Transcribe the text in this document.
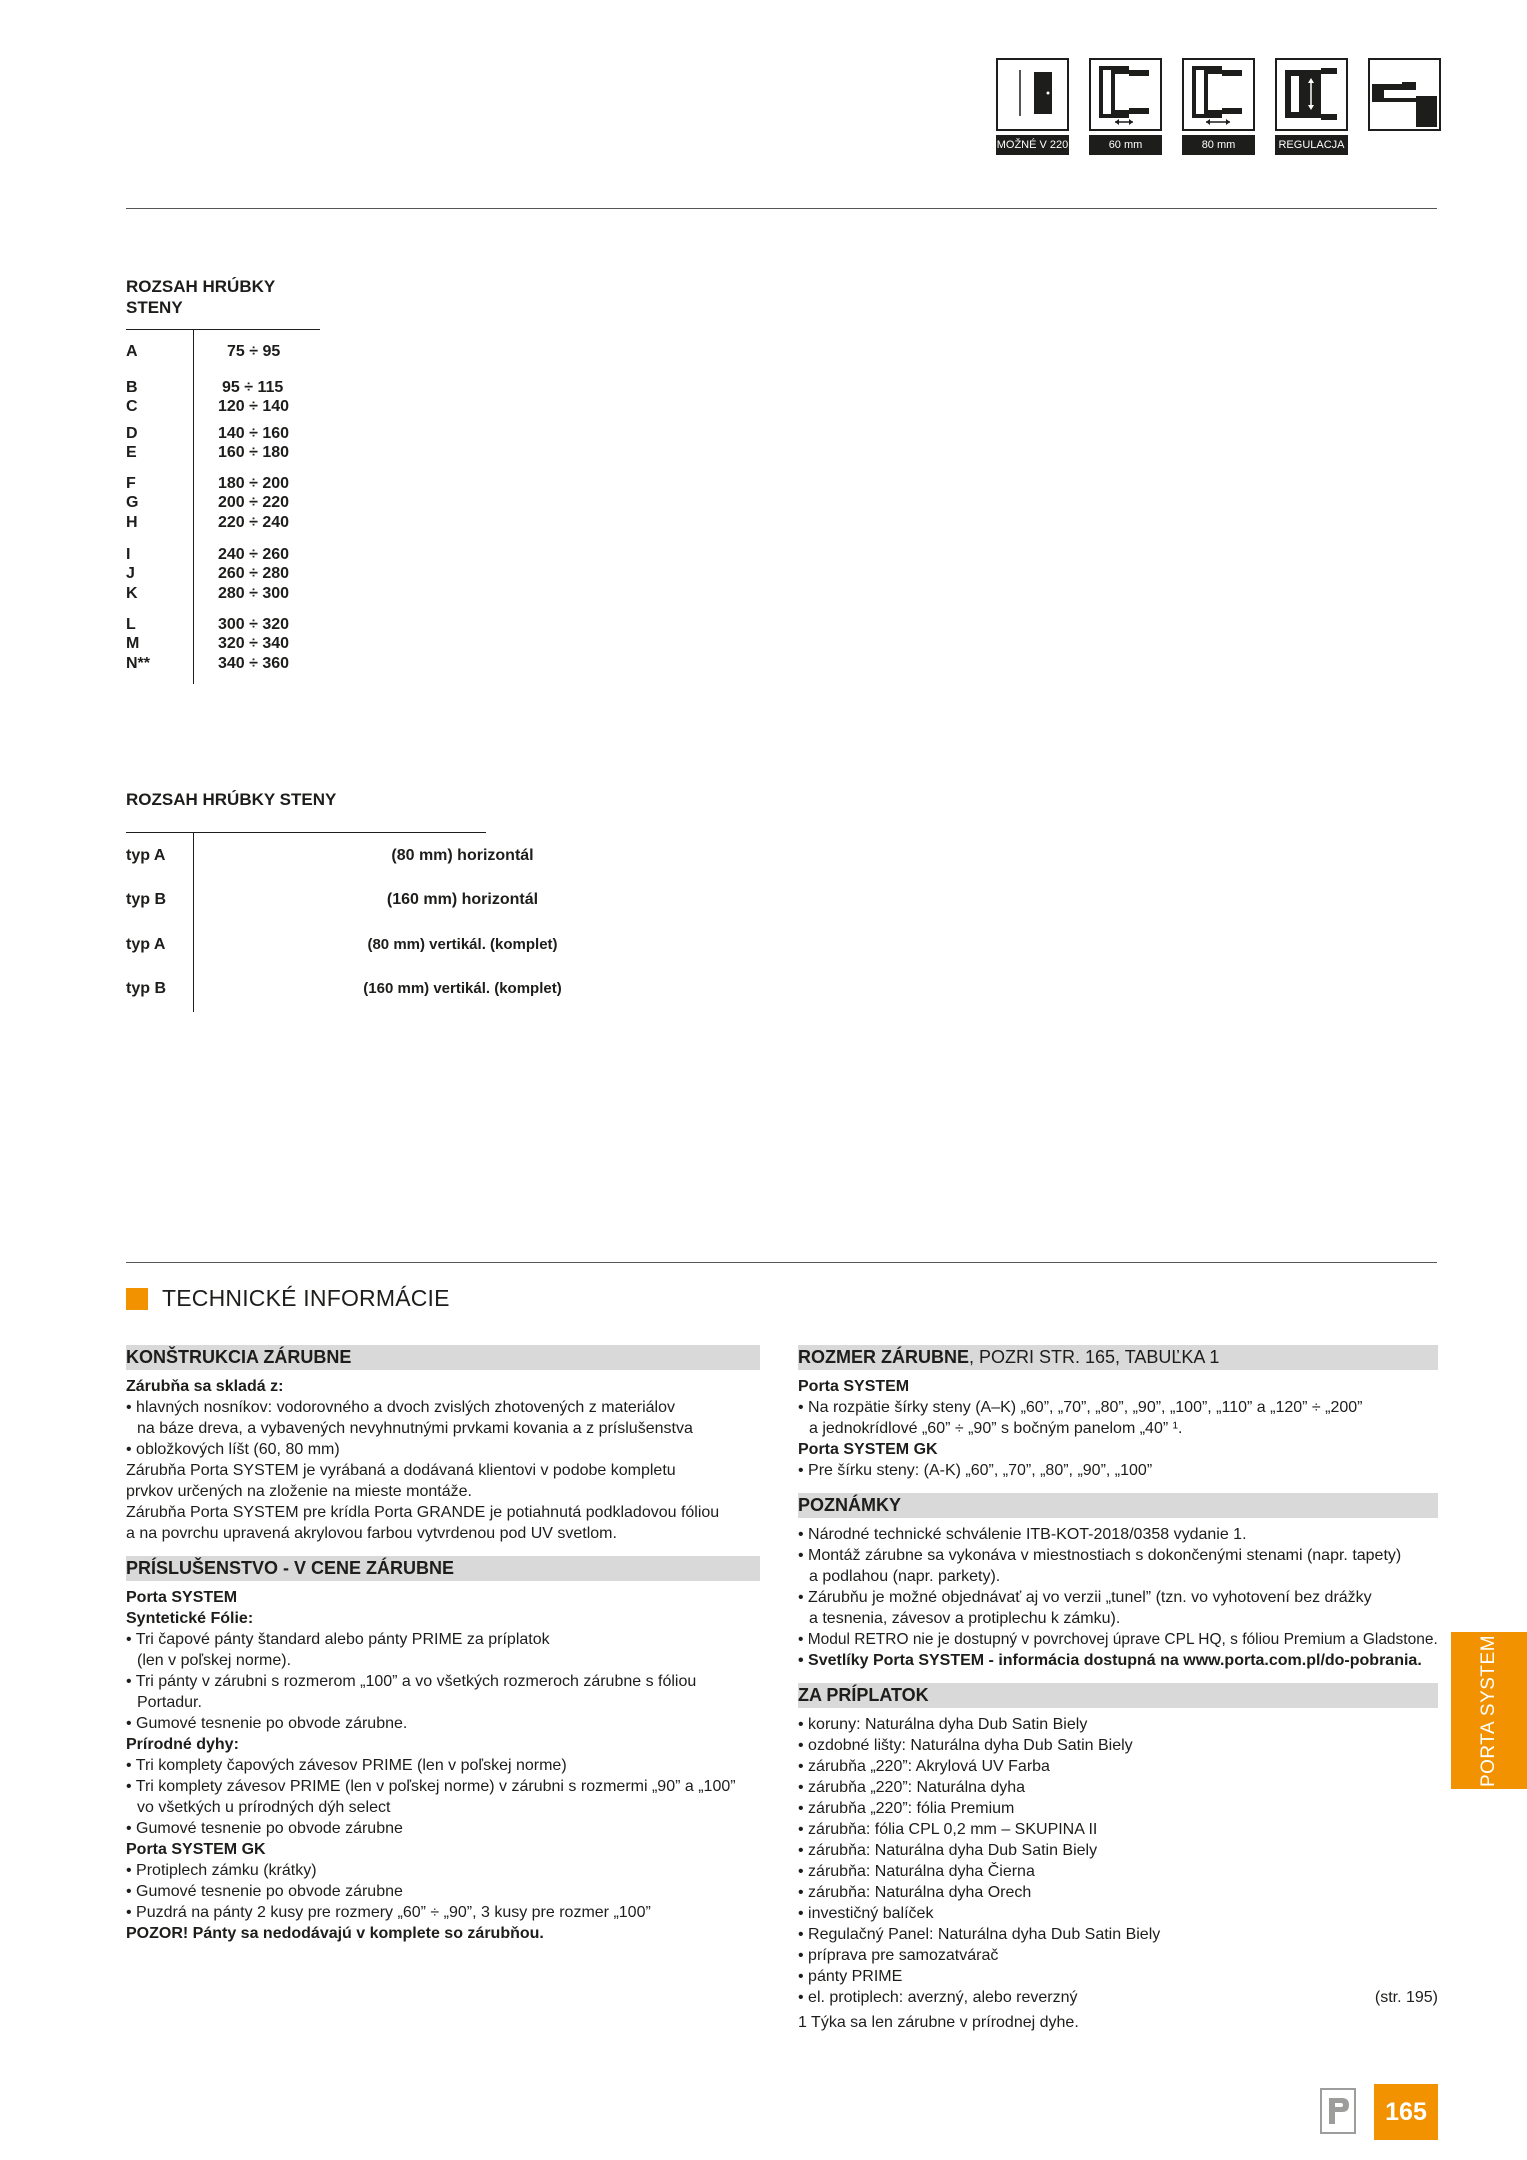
MOŽNÉ V 220	60 mm	80 mm	REGULACJA
ROZSAH HRÚBKY STENY
A	75 ÷ 95
B	95 ÷ 115
C	120 ÷ 140
D	140 ÷ 160
E	160 ÷ 180
F	180 ÷ 200
G	200 ÷ 220
H	220 ÷ 240
I	240 ÷ 260
J	260 ÷ 280
K	280 ÷ 300
L	300 ÷ 320
M	320 ÷ 340
N**	340 ÷ 360
ROZSAH HRÚBKY STENY
typ A	(80 mm) horizontál
typ B	(160 mm) horizontál
typ A	(80 mm) vertikál. (komplet)
typ B	(160 mm) vertikál. (komplet)
TECHNICKÉ INFORMÁCIE
KONŠTRUKCIA ZÁRUBNE
Zárubňa sa skladá z:
• hlavných nosníkov: vodorovného a dvoch zvislých zhotovených z materiálov
na báze dreva, a vybavených nevyhnutnými prvkami kovania a z príslušenstva
• obložkových líšt (60, 80 mm)
Zárubňa Porta SYSTEM je vyrábaná a dodávaná klientovi v podobe kompletu
prvkov určených na zloženie na mieste montáže.
Zárubňa Porta SYSTEM pre krídla Porta GRANDE je potiahnutá podkladovou fóliou
a na povrchu upravená akrylovou farbou vytvrdenou pod UV svetlom.
PRÍSLUŠENSTVO - V CENE ZÁRUBNE
Porta SYSTEM
Syntetické Fólie:
• Tri čapové pánty štandard alebo pánty PRIME za príplatok
(len v poľskej norme).
• Tri pánty v zárubni s rozmerom „100” a vo všetkých rozmeroch zárubne s fóliou Portadur.
• Gumové tesnenie po obvode zárubne.
Prírodné dyhy:
• Tri komplety čapových závesov PRIME (len v poľskej norme)
• Tri komplety závesov PRIME (len v poľskej norme) v zárubni s rozmermi „90” a „100”
vo všetkých u prírodných dýh select
• Gumové tesnenie po obvode zárubne
Porta SYSTEM GK
• Protiplech zámku (krátky)
• Gumové tesnenie po obvode zárubne
• Puzdrá na pánty 2 kusy pre rozmery „60” ÷ „90”, 3 kusy pre rozmer „100”
POZOR! Pánty sa nedodávajú v komplete so zárubňou.
ROZMER ZÁRUBNE, POZRI STR. 165, TABUĽKA 1
Porta SYSTEM
• Na rozpätie šírky steny (A–K) „60”, „70”, „80”, „90”, „100”, „110” a „120” ÷ „200”
a jednokrídlové „60” ÷ „90” s bočným panelom „40” ¹.
Porta SYSTEM GK
• Pre šírku steny: (A-K) „60”, „70”, „80”, „90”, „100”
POZNÁMKY
• Národné technické schválenie ITB-KOT-2018/0358 vydanie 1.
• Montáž zárubne sa vykonáva v miestnostiach s dokončenými stenami (napr. tapety)
a podlahou (napr. parkety).
• Zárubňu je možné objednávať aj vo verzii „tunel” (tzn. vo vyhotovení bez drážky
a tesnenia, závesov a protiplechu k zámku).
• Modul RETRO nie je dostupný v povrchovej úprave CPL HQ, s fóliou Premium a Gladstone.
• Svetlíky Porta SYSTEM - informácia dostupná na www.porta.com.pl/do-pobrania.
ZA PRÍPLATOK
• koruny: Naturálna dyha Dub Satin Biely
• ozdobné lišty: Naturálna dyha Dub Satin Biely
• zárubňa „220”: Akrylová UV Farba
• zárubňa „220”: Naturálna dyha
• zárubňa „220”: fólia Premium
• zárubňa: fólia CPL 0,2 mm – SKUPINA II
• zárubňa: Naturálna dyha Dub Satin Biely
• zárubňa: Naturálna dyha Čierna
• zárubňa: Naturálna dyha Orech
• investičný balíček
• Regulačný Panel: Naturálna dyha Dub Satin Biely
• príprava pre samozatvárač
• pánty PRIME
• el. protiplech: averzný, alebo reverzný	(str. 195)
1 Týka sa len zárubne v prírodnej dyhe.
PORTA SYSTEM
165
